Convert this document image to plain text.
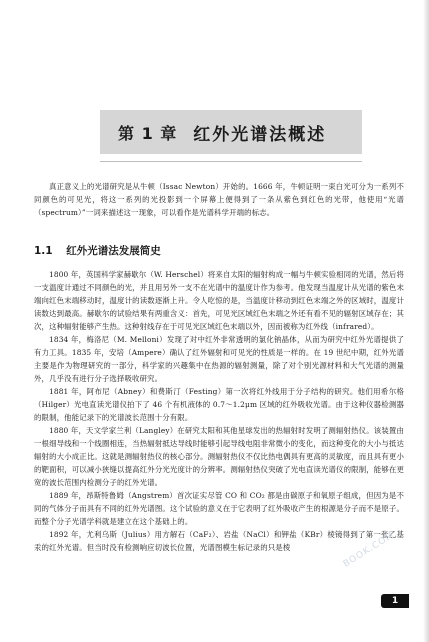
第 1 章 红外光谱法概述

真正意义上的光谱研究是从牛顿（Issac Newton）开始的。1666 年，牛顿证明一束白光可分为一系列不同颜色的可见光，将这一系列的光投影到一个屏幕上便得到了一条从紫色到红色的光带，他使用“光谱（spectrum）”一词来描述这一现象，可以看作是光谱科学开端的标志。

1.1 红外光谱法发展简史

1800 年，英国科学家赫歇尔（W. Herschel）将来自太阳的辐射构成一幅与牛顿实验相同的光谱，然后将一支温度计通过不同颜色的光，并且用另外一支不在光谱中的温度计作为参考。他发现当温度计从光谱的紫色末端向红色末端移动时，温度计的读数逐渐上升。令人吃惊的是，当温度计移动到红色末端之外的区域时，温度计读数达到最高。赫歇尔的试验结果有两重含义：首先，可见光区域红色末端之外还有看不见的辐射区域存在；其次，这种辐射能够产生热。这种射线存在于可见光区域红色末端以外，因而被称为红外线（infrared）。

1834 年，梅洛尼（M. Melloni）发现了对中红外非常透明的氯化钠晶体，从而为研究中红外光谱提供了有力工具。1835 年，安培（Ampere）确认了红外辐射和可见光的性质是一样的。在 19 世纪中期，红外光谱主要是作为物理研究的一部分，科学家的兴趣集中在热源的辐射测量，除了对个别光源材料和大气光谱的测量外，几乎没有进行分子选择吸收研究。

1881 年，阿布尼（Abney）和费斯汀（Festing）第一次将红外线用于分子结构的研究。他们用希尔格（Hilger）光电直读光谱仪拍下了 46 个有机液体的 0.7～1.2μm 区域的红外吸收光谱。由于这种仪器检测器的限制，他能记录下的光谱波长范围十分有限。

1880 年，天文学家兰利（Langley）在研究太阳和其他星球发出的热辐射时发明了测辐射热仪。该装置由一根细导线和一个线圈相连，当热辐射抵达导线时能够引起导线电阻非常微小的变化，而这种变化的大小与抵达辐射的大小成正比。这就是测辐射热仪的核心部分。测辐射热仪不仅比热电偶具有更高的灵敏度，而且具有更小的靶面积，可以减小狭缝以提高红外分光光度计的分辨率。测辐射热仪突破了光电直读光谱仪的限制，能够在更宽的波长范围内检测分子的红外光谱。

1889 年，昂斯特鲁姆（Angstrem）首次证实尽管 CO 和 CO₂ 都是由碳原子和氧原子组成，但因为是不同的气体分子而具有不同的红外光谱图。这个试验的意义在于它表明了红外吸收产生的根源是分子而不是原子。而整个分子光谱学科就是建立在这个基础上的。

1892 年，尤利乌斯（Julius）用方解石（CaF₂）、岩盐（NaCl）和钾盐（KBr）棱镜得到了第一张乙基汞的红外光谱。但当时没有检测响应切波长位置，光谱图模生标记录的只是棱	BOOK.COM
1
